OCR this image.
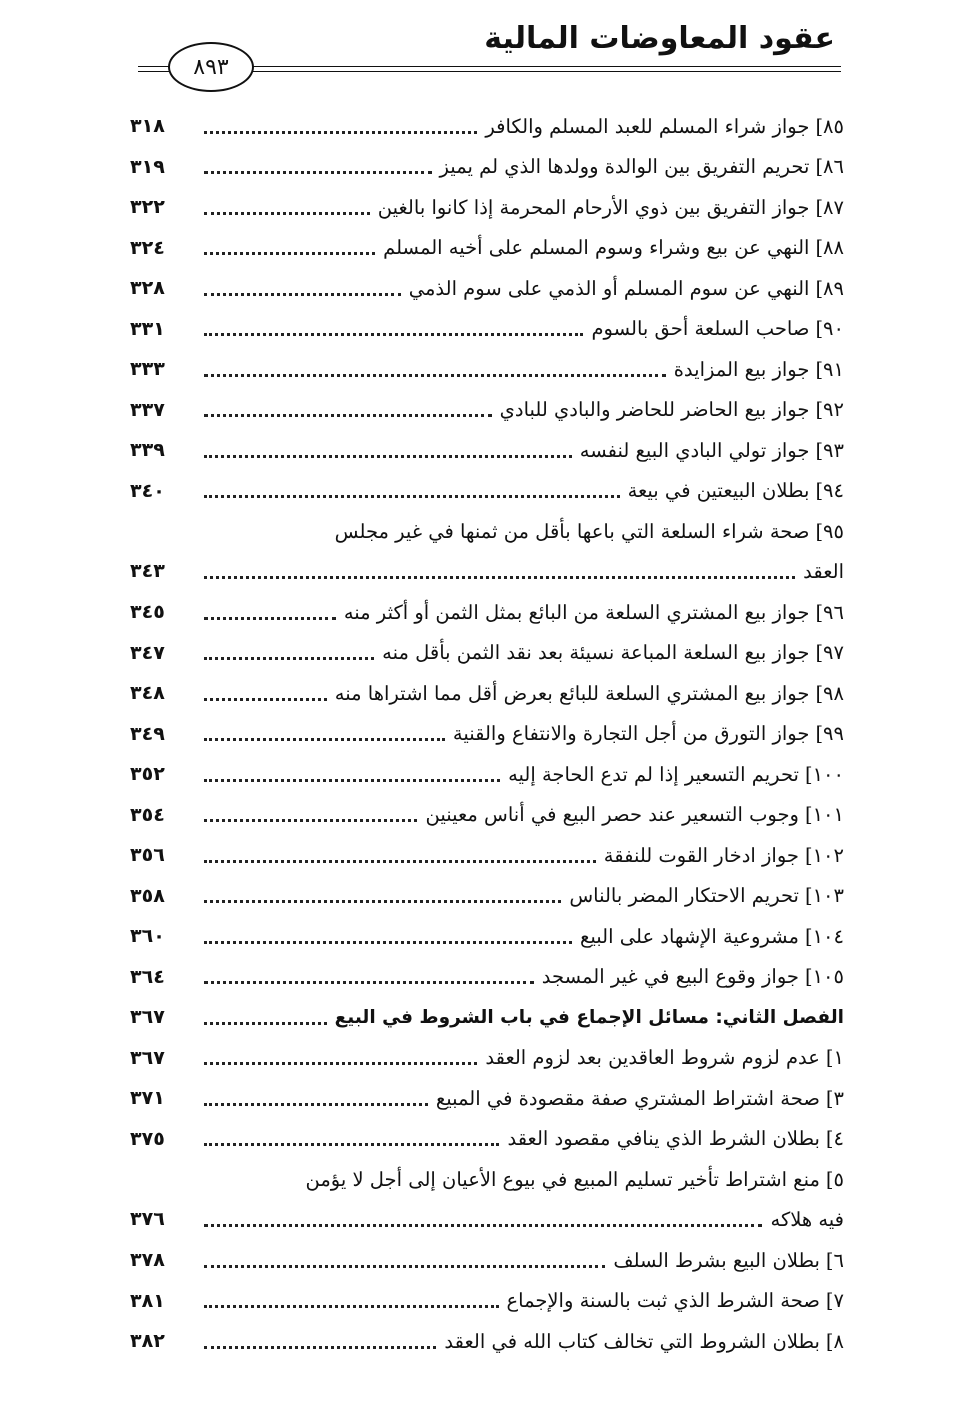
عقود المعاوضات المالية
٨٩٣
٨٥]
جواز شراء المسلم للعبد المسلم والكافر
٣١٨
٨٦]
تحريم التفريق بين الوالدة وولدها الذي لم يميز
٣١٩
٨٧]
جواز التفريق بين ذوي الأرحام المحرمة إذا كانوا بالغين
٣٢٢
٨٨]
النهي عن بيع وشراء وسوم المسلم على أخيه المسلم
٣٢٤
٨٩]
النهي عن سوم المسلم أو الذمي على سوم الذمي
٣٢٨
٩٠]
صاحب السلعة أحق بالسوم
٣٣١
٩١]
جواز بيع المزايدة
٣٣٣
٩٢]
جواز بيع الحاضر للحاضر والبادي للبادي
٣٣٧
٩٣]
جواز تولي البادي البيع لنفسه
٣٣٩
٩٤]
بطلان البيعتين في بيعة
٣٤٠
٩٥]
صحة شراء السلعة التي باعها بأقل من ثمنها في غير مجلس
العقد
٣٤٣
٩٦]
جواز بيع المشتري السلعة من البائع بمثل الثمن أو أكثر منه
٣٤٥
٩٧]
جواز بيع السلعة المباعة نسيئة بعد نقد الثمن بأقل منه
٣٤٧
٩٨]
جواز بيع المشتري السلعة للبائع بعرض أقل مما اشتراها منه
٣٤٨
٩٩]
جواز التورق من أجل التجارة والانتفاع والقنية
٣٤٩
١٠٠]
تحريم التسعير إذا لم تدع الحاجة إليه
٣٥٢
١٠١]
وجوب التسعير عند حصر البيع في أناس معينين
٣٥٤
١٠٢]
جواز ادخار القوت للنفقة
٣٥٦
١٠٣]
تحريم الاحتكار المضر بالناس
٣٥٨
١٠٤]
مشروعية الإشهاد على البيع
٣٦٠
١٠٥]
جواز وقوع البيع في غير المسجد
٣٦٤
الفصل الثاني: مسائل الإجماع في باب الشروط في البيع
٣٦٧
١]
عدم لزوم شروط العاقدين بعد لزوم العقد
٣٦٧
٣]
صحة اشتراط المشتري صفة مقصودة في المبيع
٣٧١
٤]
بطلان الشرط الذي ينافي مقصود العقد
٣٧٥
٥]
منع اشتراط تأخير تسليم المبيع في بيوع الأعيان إلى أجل لا يؤمن
فيه هلاكه
٣٧٦
٦]
بطلان البيع بشرط السلف
٣٧٨
٧]
صحة الشرط الذي ثبت بالسنة والإجماع
٣٨١
٨]
بطلان الشروط التي تخالف كتاب الله في العقد
٣٨٢
